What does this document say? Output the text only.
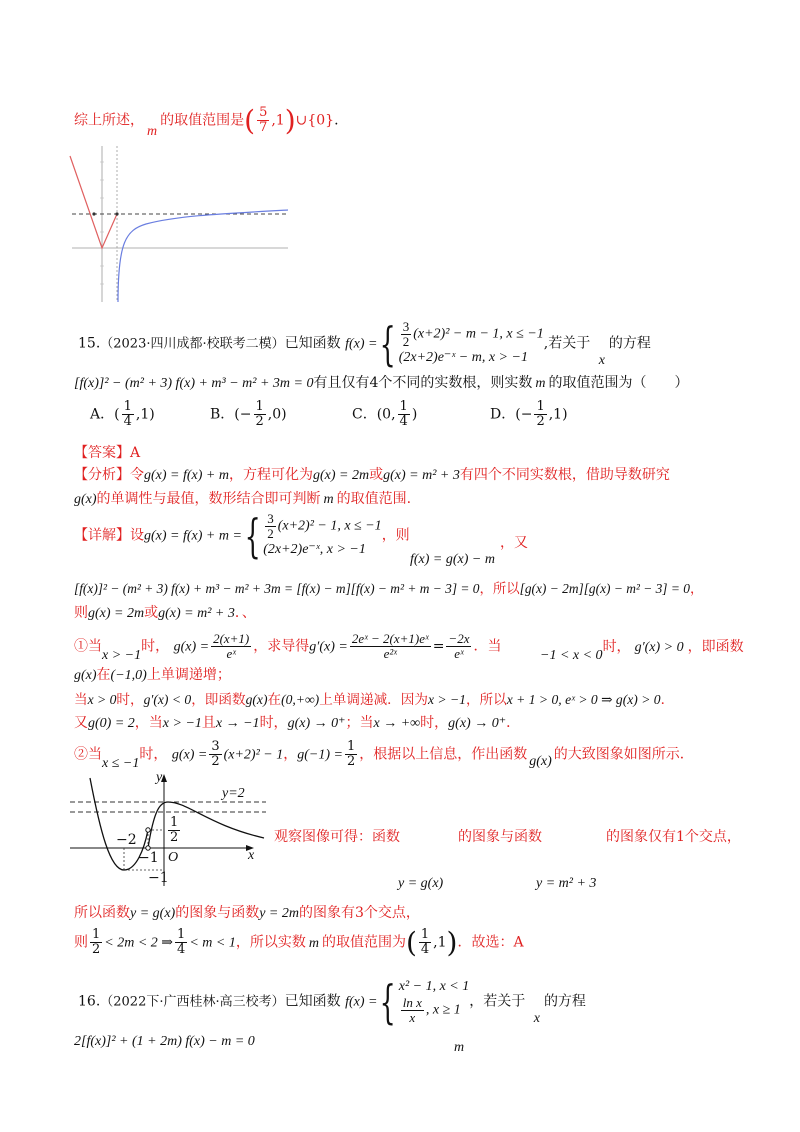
综上所述，m的取值范围是( $\frac{5}{7}$ ,1)∪{0}.
15.（2023·四川成都·校联考二模）已知函数 f(x) ={ $\frac{3}{2} (x+2)^2 - m - 1$, x ≤ −1
(2x+2)e⁻ˣ − m, x > −1
,若关于 x的方程
[f(x)]² − (m² + 3) f(x) + m³ − m² + 3m = 0有且仅有4个不同的实数根，则实数 m 的取值范围为（　　）
A．( $\frac{1}{4} ,1$)	B．(− $\frac{1}{2} ,0$)	C．(0, $\frac{1}{4}$ )	D．(− $\frac{1}{2} ,1$)
【答案】A
【分析】令g(x) = f(x) + m，方程可化为g(x) = 2m或g(x) = m² + 3有四个不同实数根，借助导数研究
g(x)的单调性与最值，数形结合即可判断 m 的取值范围.
【详解】设g(x) = f(x) + m ={ $\frac{3}{2} (x+2)^2 - 1$, x ≤ −1
(2x+2)e⁻ˣ, x > −1
，则
f(x) = g(x) − m
，又
[f(x)]² − (m² + 3) f(x) + m³ − m² + 3m = [f(x) − m][f(x) − m² + m − 3] = 0，所以[g(x) − 2m][g(x) − m² − 3] = 0，
则g(x) = 2m或g(x) = m² + 3．、
①当x > −1时， $g(x) = \frac{2(x+1)}{\text{eˣ}}$ ，求导得$g'(x) = \frac{\text{2eˣ − 2(x+1)eˣ}}{\text{e²ˣ}} = \frac{-2x}{\text{eˣ}}$ ．当
−1 < x < 0时， g′(x) > 0 ，即函数
g(x)在(−1,0)上单调递增；
当x > 0时，g′(x) < 0，即函数g(x)在(0,+∞)上单调递减．因为x > −1，所以x + 1 > 0, eˣ > 0 ⇒ g(x) > 0．
又g(0) = 2，当x > −1且x → −1时，g(x) → 0⁺；当x → +∞时，g(x) → 0⁺．
②当x ≤ −1时， $g(x) = \frac{3}{2} (x+2)^2 - 1$，$g(-1) = \frac{1}{2}$ ，根据以上信息，作出函数 g(x) 的大致图象如图所示．
y
x
y=2
−2
−1 O
$\frac{1}{2}$
−1
观察图像可得：函数	的图象与函数	的图象仅有1个交点，
y = g(x)	y = m² + 3
所以函数y = g(x)的图象与函数y = 2m的图象有3个交点，
则 $\frac{1}{2} < 2m < 2$ ⇒ $\frac{1}{4} < m < 1$，所以实数 m 的取值范围为( $\frac{1}{4} ,1$)．故选：A
16.（2022下·广西桂林·高三校考）已知函数 f(x) ={ x² − 1, x < 1
$\frac{\text{ln x}}{x}$ , x ≥ 1
，若关于 x的方程
2[f(x)]² + (1 + 2m) f(x) − m = 0	m
